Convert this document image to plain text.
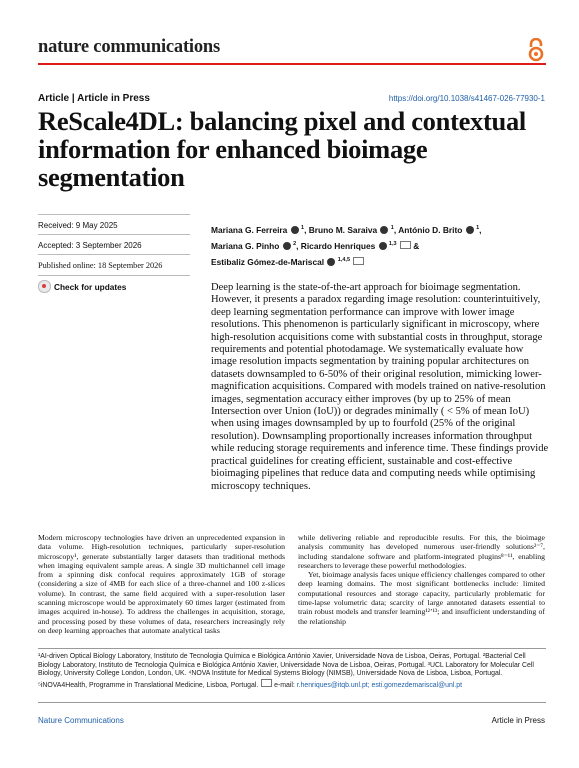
nature communications
Article | Article in Press	https://doi.org/10.1038/s41467-026-77930-1
ReScale4DL: balancing pixel and contextual information for enhanced bioimage segmentation
Received: 9 May 2025
Accepted: 3 September 2026
Published online: 18 September 2026
Check for updates
Mariana G. Ferreira $^1$, Bruno M. Saraiva $^1$, António D. Brito $^1$,
Mariana G. Pinho $^2$, Ricardo Henriques $^{1,3}$  &
Estibaliz Gómez-de-Mariscal $^{1,4,5}$
Deep learning is the state-of-the-art approach for bioimage segmentation. However, it presents a paradox regarding image resolution: counterintuitively, deep learning segmentation performance can improve with lower image resolutions. This phenomenon is particularly significant in microscopy, where high-resolution acquisitions come with substantial costs in throughput, storage requirements and potential photodamage. We systematically evaluate how image resolution impacts segmentation by training popular architectures on datasets downsampled to 6-50% of their original resolution, mimicking lower-magnification acquisitions. Compared with models trained on native-resolution images, segmentation accuracy either improves (by up to 25% of mean Intersection over Union (IoU)) or degrades minimally ( < 5% of mean IoU) when using images downsampled by up to fourfold (25% of the original resolution). Downsampling proportionally increases information throughput while reducing storage requirements and inference time. These findings provide practical guidelines for creating efficient, sustainable and cost-effective bioimaging pipelines that reduce data and computing needs while optimising microscopy techniques.

Modern microscopy technologies have driven an unprecedented expansion in data volume. High-resolution techniques, particularly super-resolution microscopy¹, generate substantially larger datasets than traditional methods when imaging equivalent sample areas. A single 3D multichannel cell image from a spinning disk confocal requires approximately 1GB of storage (considering a size of 4MB for each slice of a three-channel and 100 z-slices volume). In contrast, the same field acquired with a super-resolution laser scanning microscope would be approximately 60 times larger (estimated from images acquired in-house). To address the challenges in acquisition, storage, and processing posed by these volumes of data, researchers increasingly rely on deep learning approaches that automate analytical tasks

while delivering reliable and reproducible results. For this, the bioimage analysis community has developed numerous user-friendly solutions²⁻⁷, including standalone software and platform-integrated plugins⁸⁻¹¹, enabling researchers to leverage these powerful methodologies.

Yet, bioimage analysis faces unique efficiency challenges compared to other deep learning domains. The most significant bottlenecks include: limited computational resources and storage capacity, particularly problematic for time-lapse volumetric data; scarcity of large annotated datasets essential to train robust models and transfer learning¹²ʼ¹³; and insufficient understanding of the relationship

¹AI-driven Optical Biology Laboratory, Instituto de Tecnologia Química e Biológica António Xavier, Universidade Nova de Lisboa, Oeiras, Portugal. ²Bacterial Cell Biology Laboratory, Instituto de Tecnologia Química e Biológica António Xavier, Universidade Nova de Lisboa, Oeiras, Portugal. ³UCL Laboratory for Molecular Cell Biology, University College London, London, UK. ⁴NOVA Institute for Medical Systems Biology (NIMSB), Universidade Nova de Lisboa, Lisboa, Portugal. ⁵iNOVA4Health, Programme in Translational Medicine, Lisboa, Portugal. e-mail: r.henriques@itqb.unl.pt; esti.gomezdemariscal@unl.pt
Nature Communications	Article in Press
